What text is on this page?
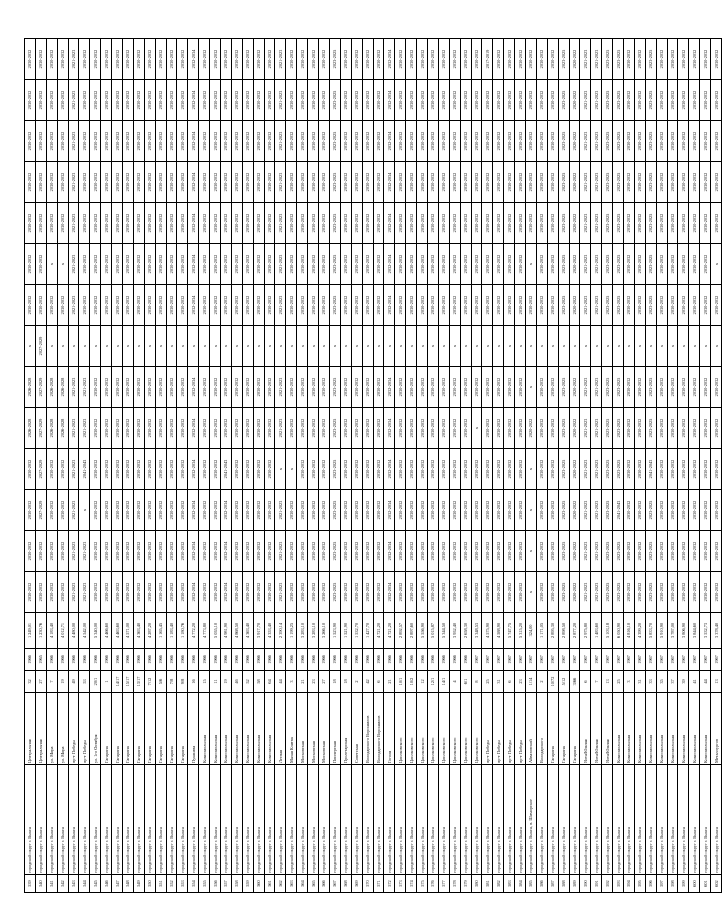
539	городской округ г. Выкса	Центральная	32	1966	1 249,01	2030-2032	2030-2032	2030-2032	2030-2032	2026-2028	2026-2028	x	2030-2032	2030-2032	2030-2032	2030-2032	2030-2032	2030-2032	2030-2032
540	городской округ г. Выкса	Центральная	27	1965	1 230,76	2030-2032	2030-2032	2027-2029	2027-2029	2027-2029	2027-2029	2027-2029	2030-2032	2030-2032	2030-2032	2030-2032	2030-2032	2030-2032	2030-2032
541	городской округ г. Выкса	ул. Мира	7	1966	4 183,40	2030-2032	2030-2032	2030-2032	2030-2032	2026-2028	2026-2028	x	2030-2032	x	2030-2032	2030-2032	2030-2032	2030-2032	2030-2032
542	городской округ г. Выкса	ул. Мира	19	1966	4 012,71	2030-2032	2030-2032	2030-2032	2030-2032	2026-2028	2026-2028	x	2030-2032	x	2030-2032	2030-2032	2030-2032	2030-2032	2030-2032
543	городской округ г. Выкса	пр-т Победы	49	1966	4 480,00	2021-2023	2021-2023	2021-2023	2021-2023	2021-2023	2021-2023	x	2021-2023	2021-2023	2021-2023	2021-2023	2021-2023	2021-2023	2021-2023
544	городской округ г. Выкса	пр-т Победы	53	1966	4 542,00	2021-2023	2021-2023	x	2041-2043	2021-2023	2021-2023	x	2030-2032	2030-2032	2030-2032	2030-2032	2030-2032	2030-2032	2030-2032
545	городской округ г. Выкса	ул. 1го Октября	20/1	1966	5 340,00	2030-2032	2030-2032	2030-2032	2030-2032	2030-2032	2030-2032	x	2030-2032	2030-2032	2030-2032	2030-2032	2030-2032	2030-2032	2030-2032
546	городской округ г. Выкса	Гагарина	1	1966	4 466,60	2030-2032	2030-2032	2030-2032	2030-2032	2030-2032	2030-2032	x	2030-2032	2030-2032	2030-2032	2030-2032	2030-2032	2030-2032	2030-2032
547	городской округ г. Выкса	Гагарина	14/17	1966	4 463,60	2030-2032	2030-2032	2030-2032	2030-2032	2030-2032	2030-2032	x	2030-2032	2030-2032	2030-2032	2030-2032	2030-2032	2030-2032	2030-2032
548	городской округ г. Выкса	Гагарина	15/17	1966	4 571,00	2030-2032	2030-2032	2030-2032	2030-2032	2030-2032	2030-2032	x	2030-2032	2030-2032	2030-2032	2030-2032	2030-2032	2030-2032	2030-2032
549	городской округ г. Выкса	Гагарина	13/17	1966	4 363,40	2030-2032	2030-2032	2030-2032	2030-2032	2030-2032	2030-2032	x	2030-2032	2030-2032	2030-2032	2030-2032	2030-2032	2030-2032	2030-2032
550	городской округ г. Выкса	Гагарина	7/12	1966	4 287,20	2030-2032	2030-2032	2030-2032	2030-2032	2030-2032	2030-2032	x	2030-2032	2030-2032	2030-2032	2030-2032	2030-2032	2030-2032	2030-2032
551	городской округ г. Выкса	Гагарина	5/6	1966	1 165,45	2030-2032	2030-2032	2030-2032	2030-2032	2030-2032	2030-2032	x	2030-2032	2030-2032	2030-2032	2030-2032	2030-2032	2030-2032	2030-2032
552	городской округ г. Выкса	Гагарина	7/8	1966	1 183,40	2030-2032	2030-2032	2030-2032	2030-2032	2030-2032	2030-2032	x	2030-2032	2030-2032	2030-2032	2030-2032	2030-2032	2030-2032	2030-2032
553	городской округ г. Выкса	Гагарина	9/8	1966	1 180,76	2030-2032	2030-2032	2030-2032	2030-2032	2030-2032	2030-2032	x	2030-2032	2030-2032	2030-2032	2030-2032	2030-2032	2030-2032	2030-2032
554	городской округ г. Выкса	Пушкина	16	1966	4 772,20	2032-2034	2032-2034	2032-2034	2032-2034	2032-2034	2032-2034	x	2032-2034	2032-2034	2032-2034	2032-2034	2032-2034	2032-2034	2032-2034
555	городской округ г. Выкса	Комсомольская	15	1966	4 773,80	2030-2032	2030-2032	2030-2032	2030-2032	2030-2032	2030-2032	x	2030-2032	2030-2032	2030-2032	2030-2032	2030-2032	2030-2032	2030-2032
556	городской округ г. Выкса	Комсомольская	11	1966	5 055,10	2030-2032	2030-2032	2030-2032	2030-2032	2030-2032	2030-2032	x	2030-2032	2030-2032	2030-2032	2030-2032	2030-2032	2030-2032	2030-2032
557	городской округ г. Выкса	Комсомольская	19	1966	4 981,90	2032-2034	2032-2034	2032-2034	2041-2043	2030-2032	2030-2032	x	2030-2032	2030-2032	2030-2032	2030-2032	2030-2032	2030-2032	2030-2032
558	городской округ г. Выкса	Комсомольская	4б	1966	4 868,50	2030-2032	2030-2032	2030-2032	2030-2032	2030-2032	2030-2032	x	2030-2032	2030-2032	2030-2032	2030-2032	2030-2032	2030-2032	2030-2032
559	городской округ г. Выкса	Комсомольская	52	1966	4 363,40	2030-2032	2030-2032	2030-2032	2030-2032	2030-2032	2030-2032	x	2030-2032	2030-2032	2030-2032	2030-2032	2030-2032	2030-2032	2030-2032
560	городской округ г. Выкса	Комсомольская	58	1966	3 917,70	2030-2032	2030-2032	2030-2032	2030-2032	2030-2032	2030-2032	x	2030-2032	2030-2032	2030-2032	2030-2032	2030-2032	2030-2032	2030-2032
561	городской округ г. Выкса	Комсомольская	64	1966	4 353,40	2030-2032	2030-2032	2030-2032	2030-2032	2030-2032	2030-2032	x	2030-2032	2030-2032	2030-2032	2030-2032	2030-2032	2030-2032	2030-2032
562	городской округ г. Выкса	Лесная	44	1966	2 390,14	2021-2023	2021-2023	2021-2023	x	2021-2023	2021-2023	x	2021-2023	2021-2023	2021-2023	2021-2023	2021-2023	2021-2023	2021-2023
563	городской округ г. Выкса	Малая Клятва	3	1966	1 199,25	2030-2032	2030-2032	2030-2032	x	2030-2032	2030-2032	x	2030-2032	2030-2032	2030-2032	2030-2032	2030-2032	2030-2032	2030-2032
564	городской округ г. Выкса	Московская	21	1966	3 283,10	2030-2032	2030-2032	2030-2032	2030-2032	2030-2032	2030-2032	x	2030-2032	2030-2032	2030-2032	2030-2032	2030-2032	2030-2032	2030-2032
565	городской округ г. Выкса	Московская	23	1966	3 283,10	2030-2032	2030-2032	2030-2032	2030-2032	2030-2032	2030-2032	x	2030-2032	2030-2032	2030-2032	2030-2032	2030-2032	2030-2032	2030-2032
566	городской округ г. Выкса	Московская	27	1966	3 266,10	2030-2032	2030-2032	2030-2032	2030-2032	2030-2032	2030-2032	x	2030-2032	2030-2032	2030-2032	2030-2032	2030-2032	2030-2032	2030-2032
567	городской округ г. Выкса	Пионерская	18	1966	1 523,90	2023-2025	2023-2025	2023-2025	2023-2025	2023-2025	2023-2025	x	2023-2025	2023-2025	2023-2025	2023-2025	2023-2025	2023-2025	2023-2025
568	городской округ г. Выкса	Пролетарская	18	1966	1 521,90	2030-2032	2030-2032	2030-2032	2030-2032	2030-2032	2030-2032	x	2030-2032	2030-2032	2030-2032	2030-2032	2030-2032	2030-2032	2030-2032
569	городской округ г. Выкса	Советская	2	1966	1 532,70	2030-2032	2030-2032	2030-2032	2030-2032	2030-2032	2030-2032	x	2030-2032	2030-2032	2030-2032	2030-2032	2030-2032	2030-2032	2030-2032
570	городской округ г. Выкса	Володарского Ворошилов	42	1966	1 427,70	2030-2032	2030-2032	2030-2032	2030-2032	2030-2032	2030-2032	x	2030-2032	2030-2032	2030-2032	2030-2032	2030-2032	2030-2032	2030-2032
571	городской округ г. Выкса	Володарского Ворошилов	6	1966	4 721,20	2030-2032	2030-2032	2030-2032	2030-2032	2030-2032	2030-2032	x	2030-2032	2030-2032	2030-2032	2030-2032	2030-2032	2030-2032	2030-2032
572	городской округ г. Выкса	Гоголя	21	1966	4 721,20	2032-2034	2032-2034	2032-2034	2032-2034	2032-2034	2032-2034	x	2032-2034	2032-2034	2032-2034	2032-2034	2032-2034	2032-2034	2032-2034
573	городской округ г. Выкса	Циолковского	10/1	1966	2 892,57	2030-2032	2030-2032	2030-2032	2030-2032	2030-2032	2030-2032	x	2030-2032	2030-2032	2030-2032	2030-2032	2030-2032	2030-2032	2030-2032
574	городской округ г. Выкса	Циолковского	10/2	1966	2 897,60	2030-2032	2030-2032	2030-2032	2030-2032	2030-2032	2030-2032	x	2030-2032	2030-2032	2030-2032	2030-2032	2030-2032	2030-2032	2030-2032
575	городской округ г. Выкса	Циолковского	12	1966	5 556,90	2030-2032	2030-2032	2030-2032	2030-2032	2030-2032	2030-2032	x	2030-2032	2030-2032	2030-2032	2030-2032	2030-2032	2030-2032	2030-2032
576	городской округ г. Выкса	Циолковского	12/1	1966	5 015,87	2030-2032	2030-2032	2030-2032	2030-2032	2030-2032	2030-2032	x	2030-2032	2030-2032	2030-2032	2030-2032	2030-2032	2030-2032	2030-2032
577	городской округ г. Выкса	Циолковского	14/1	1966	5 344,50	2030-2032	2030-2032	2030-2032	2030-2032	2030-2032	2030-2032	x	2030-2032	2030-2032	2030-2032	2030-2032	2030-2032	2030-2032	2030-2032
578	городской округ г. Выкса	Циолковского	4	1966	3 952,40	2030-2032	2030-2032	2030-2032	2030-2032	2030-2032	2030-2032	x	2030-2032	2030-2032	2030-2032	2030-2032	2030-2032	2030-2032	2030-2032
579	городской округ г. Выкса	Циолковского	6/1	1966	2 658,30	2030-2032	2030-2032	2030-2032	2030-2032	2030-2032	2030-2032	x	2030-2032	2030-2032	2030-2032	2030-2032	2030-2032	2030-2032	2030-2032
580	городской округ г. Выкса	Циолковского	8	1967	3 348,53	2030-2032	2030-2032	2030-2032	2030-2032	x	2030-2032	x	2030-2032	2030-2032	2030-2032	2030-2032	2030-2032	2030-2032	2030-2032
581	городской округ г. Выкса	пр-т Победы	25	1967	4 575,90	2030-2032	2030-2032	2030-2032	2030-2032	2030-2032	2030-2032	x	2030-2032	2030-2032	2030-2032	2030-2032	2030-2032	2030-2032	2017-2019
582	городской округ г. Выкса	пр-т Победы	31	1967	4 588,90	2030-2032	2030-2032	2030-2032	2030-2032	2030-2032	2030-2032	x	2030-2032	2030-2032	2030-2032	2030-2032	2030-2032	2030-2032	2030-2032
583	городской округ г. Выкса	пр-т Победы	6	1967	5 747,75	2030-2032	2030-2032	2030-2032	2030-2032	2030-2032	2030-2032	x	2030-2032	2030-2032	2030-2032	2030-2032	2030-2032	2030-2032	2030-2032
584	городской округ г. Выкса	пр-т Победы	23	1967	5 315,20	2030-2032	2030-2032	2030-2032	2030-2032	2030-2032	2030-2032	x	2030-2032	2030-2032	2030-2032	2030-2032	2030-2032	2030-2032	2030-2032
585	городской округ г. Выкса, п. Шиморское	Айвазовский	1/14	1967	324,00	x	x	x	x	2020-2022	x	x	2030-2032	x	2030-2032	2030-2032	2030-2032	2030-2032	2030-2032
586	городской округ г. Выкса	Володарского	2	1967	1 171,05	2030-2032	2030-2032	2030-2032	2030-2032	2030-2032	2030-2032	x	2030-2032	2030-2032	2030-2032	2030-2032	2030-2032	2030-2032	2030-2032
587	городской округ г. Выкса	Гагарина	10/72	1967	2 895,30	2030-2032	2030-2032	2030-2032	2030-2032	2030-2032	2030-2032	x	2030-2032	2030-2032	2030-2032	2030-2032	2030-2032	2030-2032	2030-2032
588	городской округ г. Выкса	Гагарина	5/12	1967	2 898,50	2023-2025	2023-2025	2023-2025	2023-2025	2023-2025	2023-2025	x	2023-2025	2023-2025	2023-2025	2023-2025	2023-2025	2023-2025	2023-2025
589	городской округ г. Выкса	Гагарина	3/66	1967	2 877,20	2020-2022	2020-2022	2020-2022	2020-2022	2020-2022	2020-2022	x	2020-2022	2020-2022	2020-2022	2020-2022	2020-2022	2020-2022	2020-2022
590	городской округ г. Выкса	Ялта/Южная	6	1967	2 975,80	2021-2023	2021-2023	2021-2023	2021-2023	2021-2023	2021-2023	x	2021-2023	2021-2023	2021-2023	2021-2023	2021-2023	2021-2023	2021-2023
591	городской округ г. Выкса	Ялта/Южная	7	1967	1 483,60	2021-2023	2021-2023	2021-2023	2021-2023	2021-2023	2021-2023	x	2021-2023	2021-2023	2021-2023	2021-2023	2021-2023	2021-2023	2021-2023
592	городской округ г. Выкса	Ялта/Южная	13	1967	5 103,18	2023-2025	2023-2025	2023-2025	2023-2025	2023-2025	2023-2025	x	2023-2025	2023-2025	2023-2025	2023-2025	2023-2025	2023-2025	2023-2025
593	городской округ г. Выкса	Комсомольская	25	1967	6 050,90	2023-2025	2023-2025	2041-2043	2023-2025	2023-2025	2023-2025	x	2023-2025	2023-2025	2023-2025	2023-2025	2023-2025	2023-2025	2023-2025
594	городской округ г. Выкса	Комсомольская	3	1967	4 816,10	2030-2032	2030-2032	2030-2032	2030-2032	2030-2032	2030-2032	x	2030-2032	2030-2032	2030-2032	2030-2032	2030-2032	2030-2032	2030-2032
595	городской округ г. Выкса	Комсомольская	31	1967	4 399,20	2030-2032	2030-2032	2030-2032	2030-2032	2030-2032	2030-2032	x	2030-2032	2030-2032	2030-2032	2030-2032	2030-2032	2030-2032	2030-2032
596	городской округ г. Выкса	Комсомольская	33	1967	5 833,70	2023-2025	2023-2025	2023-2025	2041-2043	2023-2025	2023-2025	x	2023-2025	2023-2025	2023-2025	2023-2025	2023-2025	2023-2025	2023-2025
597	городской округ г. Выкса	Комсомольская	35	1967	5 910,90	2030-2032	2030-2032	2030-2032	2030-2032	2030-2032	2030-2032	x	2030-2032	2030-2032	2030-2032	2030-2032	2030-2032	2030-2032	2030-2032
598	городской округ г. Выкса	Комсомольская	37	1967	3 787,00	2030-2032	2030-2032	2030-2032	2030-2032	2030-2032	2030-2032	x	2030-2032	2030-2032	2030-2032	2030-2032	2030-2032	2030-2032	2030-2032
599	городской округ г. Выкса	Комсомольская	39	1967	3 806,90	2030-2032	2030-2032	2030-2032	2030-2032	2030-2032	2030-2032	x	2030-2032	2030-2032	2030-2032	2030-2032	2030-2032	2030-2032	2030-2032
600	городской округ г. Выкса	Комсомольская	41	1967	3 844,60	2030-2032	2030-2032	2030-2032	2030-2032	2030-2032	2030-2032	x	2030-2032	2030-2032	2030-2032	2030-2032	2030-2032	2030-2032	2030-2032
601	городской округ г. Выкса	Комсомольская	44	1967	3 532,73	2030-2032	2030-2032	2030-2032	2030-2032	2030-2032	2030-2032	x	2030-2032	2030-2032	2030-2032	2030-2032	2030-2032	2030-2032	2030-2032
602	городской округ г. Выкса	Металлургов	13	1967	3 378,40	2030-2032	2030-2032	2030-2032	2030-2032	2030-2032	2030-2032	x	2030-2032	x	2030-2032	2030-2032	2030-2032	2030-2032	2030-2032
